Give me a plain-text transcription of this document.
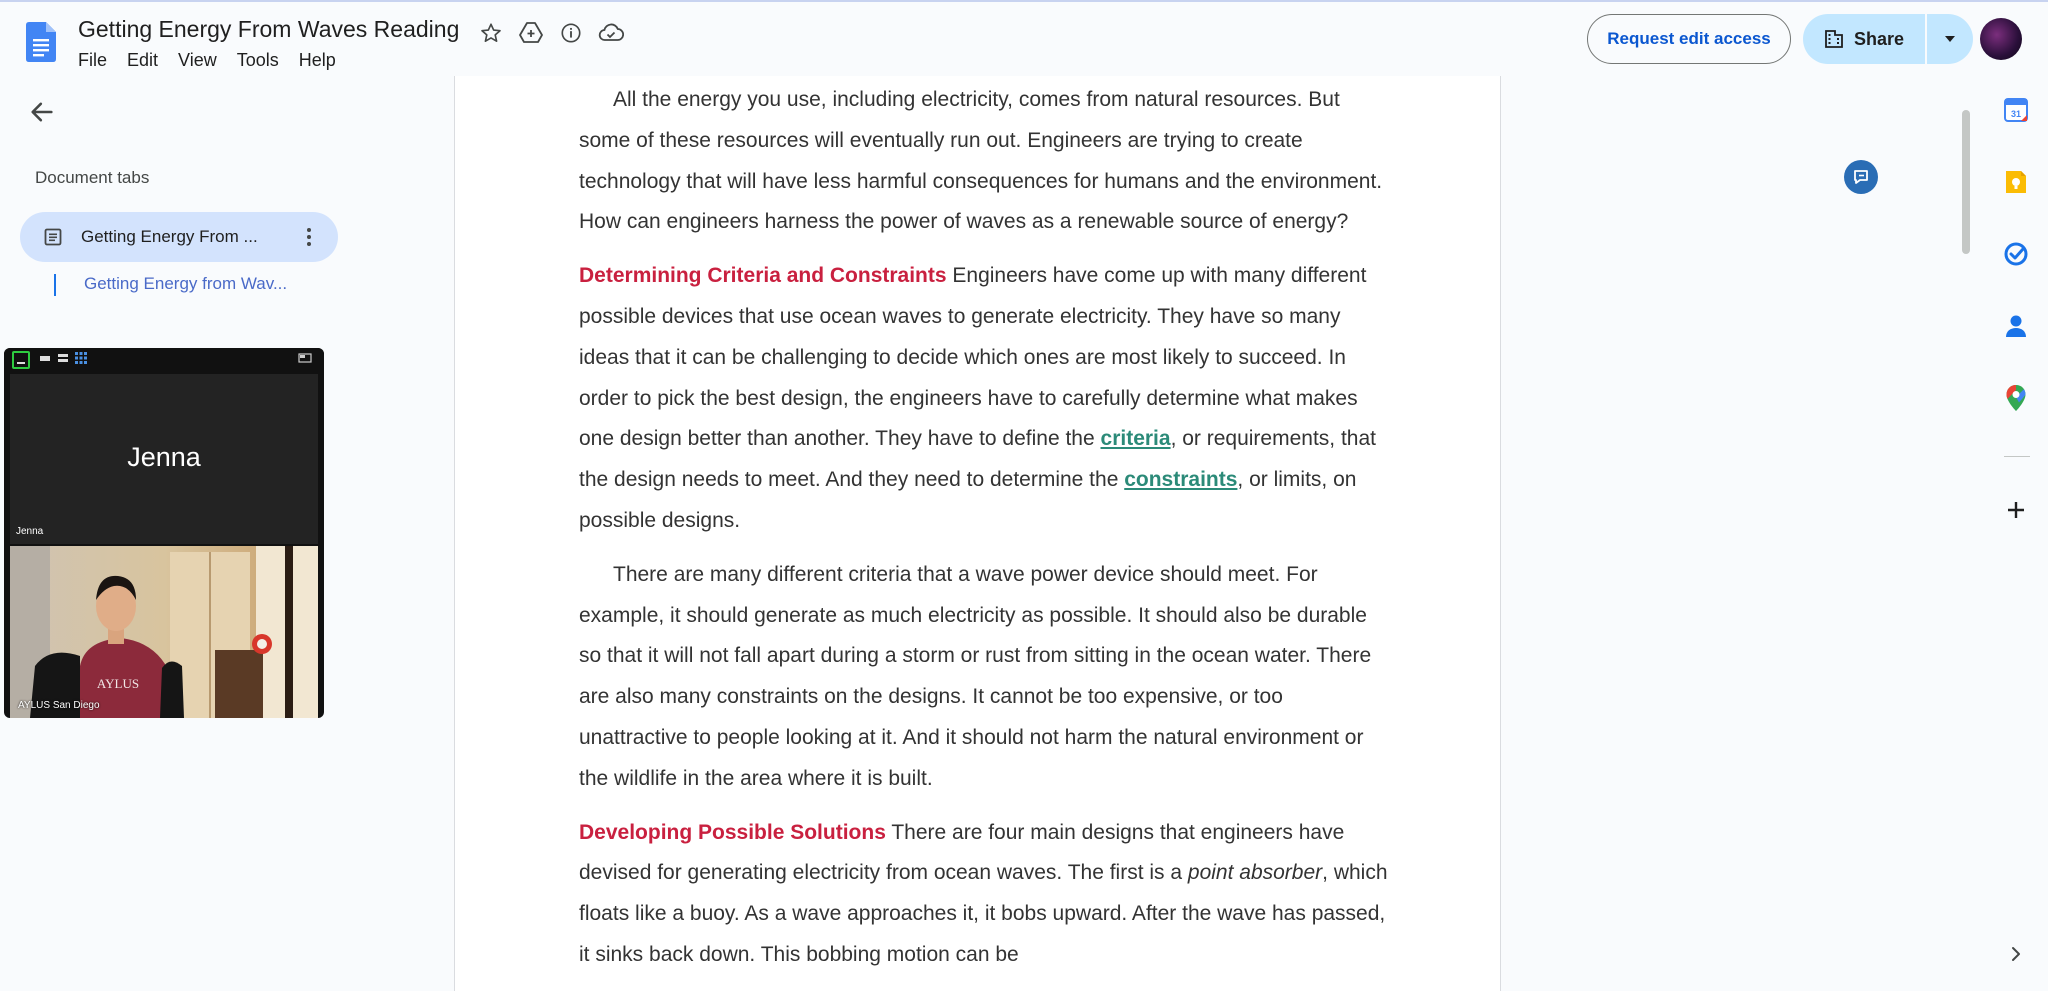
Getting Energy From Waves Reading
File Edit View Tools Help
Request edit access	Share
Document tabs
Getting Energy From ...
Getting Energy from Wav...
Jenna
Jenna
AYLUS
AYLUS San Diego

All the energy you use, including electricity, comes from natural resources. But some of these resources will eventually run out. Engineers are trying to create technology that will have less harmful consequences for humans and the environment. How can engineers harness the power of waves as a renewable source of energy?

Determining Criteria and Constraints Engineers have come up with many different possible devices that use ocean waves to generate electricity. They have so many ideas that it can be challenging to decide which ones are most likely to succeed. In order to pick the best design, the engineers have to carefully determine what makes one design better than another. They have to define the criteria, or requirements, that the design needs to meet. And they need to determine the constraints, or limits, on possible designs.

There are many different criteria that a wave power device should meet. For example, it should generate as much electricity as possible. It should also be durable so that it will not fall apart during a storm or rust from sitting in the ocean water. There are also many constraints on the designs. It cannot be too expensive, or too unattractive to people looking at it. And it should not harm the natural environment or the wildlife in the area where it is built.

Developing Possible Solutions There are four main designs that engineers have devised for generating electricity from ocean waves. The first is a point absorber, which floats like a buoy. As a wave approaches it, it bobs upward. After the wave has passed, it sinks back down. This bobbing motion can be

31
